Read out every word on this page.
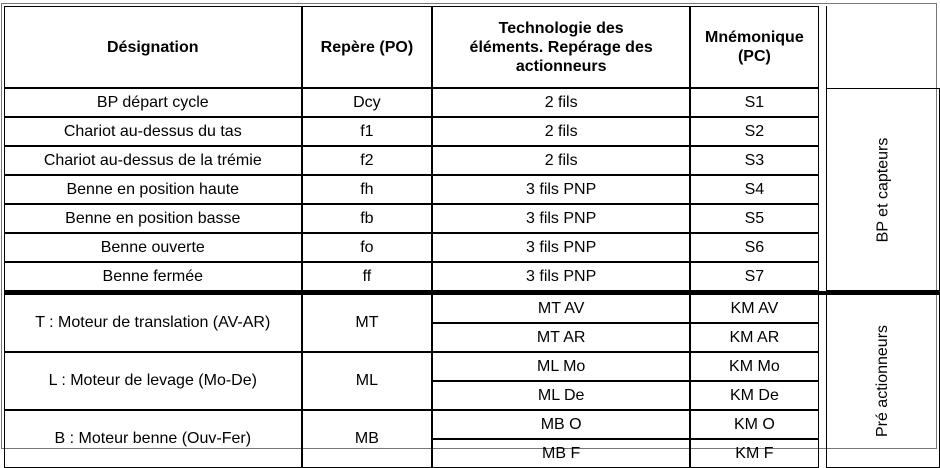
Désignation	Repère (PO)	Technologie des éléments. Repérage des actionneurs	Mnémonique (PC)		

BP départ cycle	Dcy	2 fils	S1		BP et capteurs
Chariot au-dessus du tas	f1	2 fils	S2		
Chariot au-dessus de la trémie	f2	2 fils	S3		
Benne en position haute	fh	3 fils PNP	S4		
Benne en position basse	fb	3 fils PNP	S5		
Benne ouverte	fo	3 fils PNP	S6		
Benne fermée	ff	3 fils PNP	S7		
T : Moteur de translation (AV-AR)	MT	MT AV	KM AV		Pré actionneurs
		MT AR	KM AR		
L : Moteur de levage (Mo-De)	ML	ML Mo	KM Mo		
		ML De	KM De		
B : Moteur benne (Ouv-Fer)	MB	MB O	KM O		
		MB F	KM F		
